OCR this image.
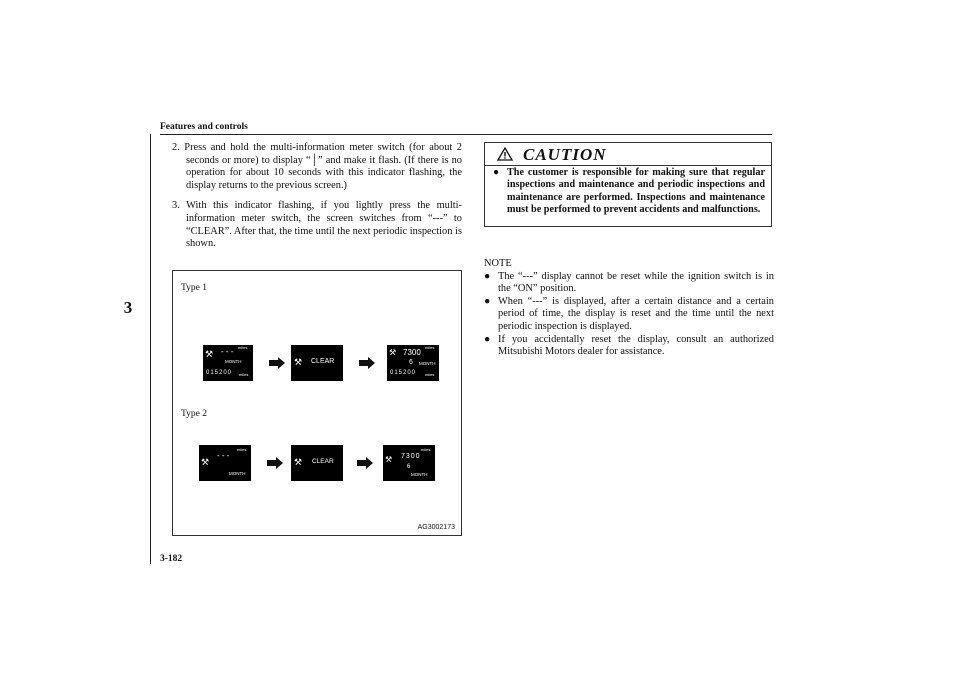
Features and controls
3

2. Press and hold the multi-information meter switch (for about 2 seconds or more) to display “│” and make it flash. (If there is no operation for about 10 seconds with this indicator flashing, the display returns to the previous screen.)

3. With this indicator flashing, if you lightly press the multi-information meter switch, the screen switches from “---” to “CLEAR”. After that, the time until the next periodic inspection is shown.

Type 1
⚒ - - - miles
MONTH
015200 miles
⚒ CLEAR
⚒
miles
7300
6 MONTH
015200 miles
Type 2
⚒
- - -
miles
MONTH
⚒ CLEAR	⚒
miles
7300
6
MONTH
AG3002173
CAUTION
● The customer is responsible for making sure that regular inspections and maintenance and periodic inspections and maintenance are performed. Inspections and maintenance must be performed to prevent accidents and malfunctions.
NOTE
● The “---” display cannot be reset while the ignition switch is in the “ON” position.
● When “---” is displayed, after a certain distance and a certain period of time, the display is reset and the time until the next periodic inspection is displayed.
● If you accidentally reset the display, consult an authorized Mitsubishi Motors dealer for assistance.
3-182
